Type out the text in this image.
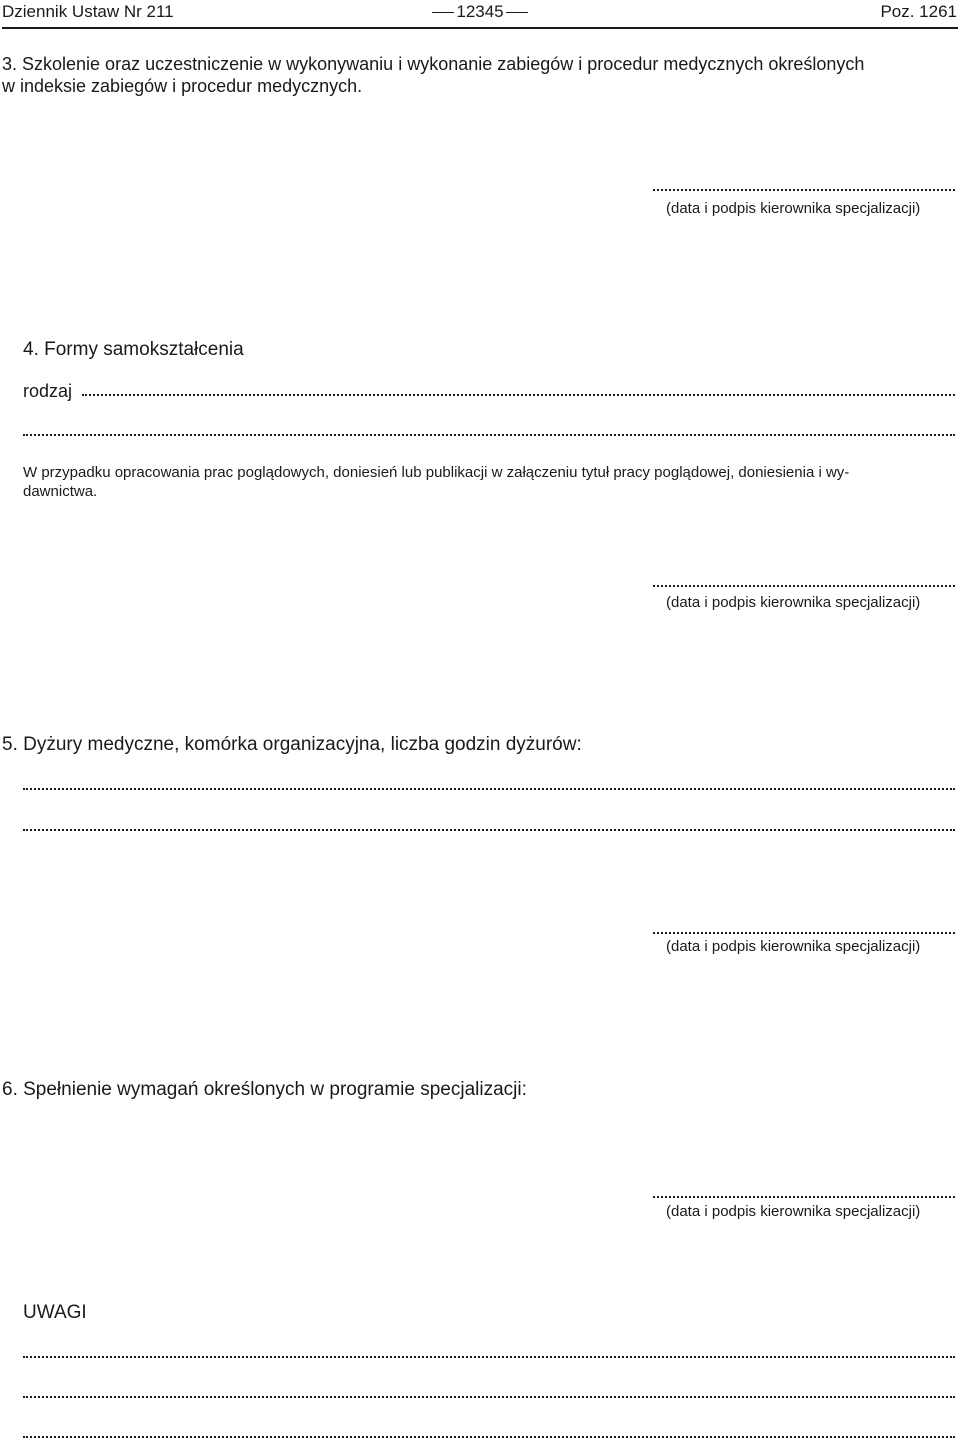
Dziennik Ustaw Nr 211	12345	Poz. 1261
3. Szkolenie oraz uczestniczenie w wykonywaniu i wykonanie zabiegów i procedur medycznych określonych
w indeksie zabiegów i procedur medycznych.
(data i podpis kierownika specjalizacji)
4. Formy samokształcenia
rodzaj
W przypadku opracowania prac poglądowych, doniesień lub publikacji w załączeniu tytuł pracy poglądowej, doniesienia i wy-
dawnictwa.
(data i podpis kierownika specjalizacji)
5. Dyżury medyczne, komórka organizacyjna, liczba godzin dyżurów:
(data i podpis kierownika specjalizacji)
6. Spełnienie wymagań określonych w programie specjalizacji:
(data i podpis kierownika specjalizacji)
UWAGI
